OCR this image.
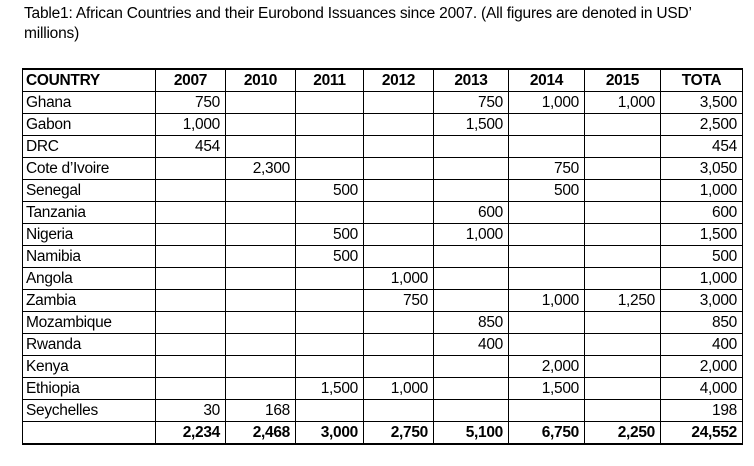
Table1: African Countries and their Eurobond Issuances since 2007. (All figures are denoted in USD’ millions)
COUNTRY	2007	2010	2011	2012	2013	2014	2015	TOTA
Ghana	750				750	1,000	1,000	3,500
Gabon	1,000				1,500			2,500
DRC	454							454
Cote d’Ivoire		2,300				750		3,050
Senegal			500			500		1,000
Tanzania					600			600
Nigeria			500		1,000			1,500
Namibia			500					500
Angola				1,000				1,000
Zambia				750		1,000	1,250	3,000
Mozambique					850			850
Rwanda					400			400
Kenya						2,000		2,000
Ethiopia			1,500	1,000		1,500		4,000
Seychelles	30	168						198
	2,234	2,468	3,000	2,750	5,100	6,750	2,250	24,552
